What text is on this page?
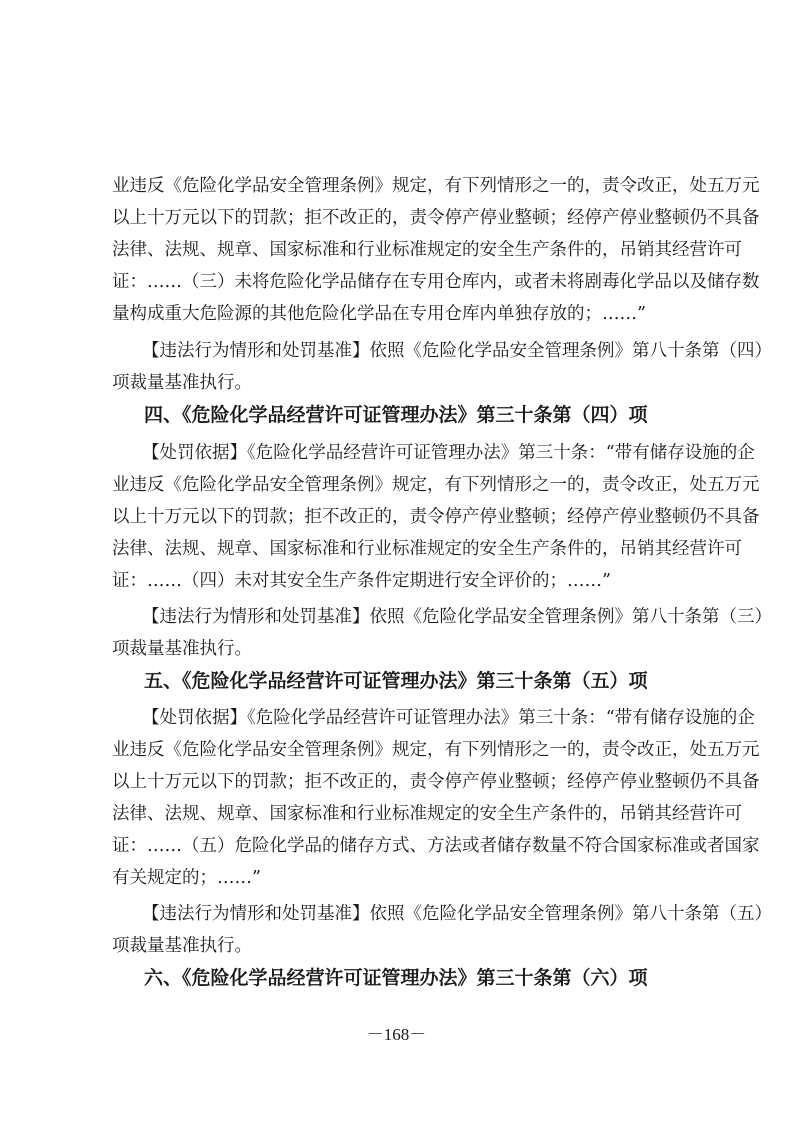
业违反《危险化学品安全管理条例》规定，有下列情形之一的，责令改正，处五万元
以上十万元以下的罚款；拒不改正的，责令停产停业整顿；经停产停业整顿仍不具备
法律、法规、规章、国家标准和行业标准规定的安全生产条件的，吊销其经营许可
证：……（三）未将危险化学品储存在专用仓库内，或者未将剧毒化学品以及储存数
量构成重大危险源的其他危险化学品在专用仓库内单独存放的；……”
【违法行为情形和处罚基准】依照《危险化学品安全管理条例》第八十条第（四）
项裁量基准执行。
四、《危险化学品经营许可证管理办法》第三十条第（四）项
【处罚依据】《危险化学品经营许可证管理办法》第三十条：“带有储存设施的企
业违反《危险化学品安全管理条例》规定，有下列情形之一的，责令改正，处五万元
以上十万元以下的罚款；拒不改正的，责令停产停业整顿；经停产停业整顿仍不具备
法律、法规、规章、国家标准和行业标准规定的安全生产条件的，吊销其经营许可
证：……（四）未对其安全生产条件定期进行安全评价的；……”
【违法行为情形和处罚基准】依照《危险化学品安全管理条例》第八十条第（三）
项裁量基准执行。
五、《危险化学品经营许可证管理办法》第三十条第（五）项
【处罚依据】《危险化学品经营许可证管理办法》第三十条：“带有储存设施的企
业违反《危险化学品安全管理条例》规定，有下列情形之一的，责令改正，处五万元
以上十万元以下的罚款；拒不改正的，责令停产停业整顿；经停产停业整顿仍不具备
法律、法规、规章、国家标准和行业标准规定的安全生产条件的，吊销其经营许可
证：……（五）危险化学品的储存方式、方法或者储存数量不符合国家标准或者国家
有关规定的；……”
【违法行为情形和处罚基准】依照《危险化学品安全管理条例》第八十条第（五）
项裁量基准执行。
六、《危险化学品经营许可证管理办法》第三十条第（六）项
－168－
